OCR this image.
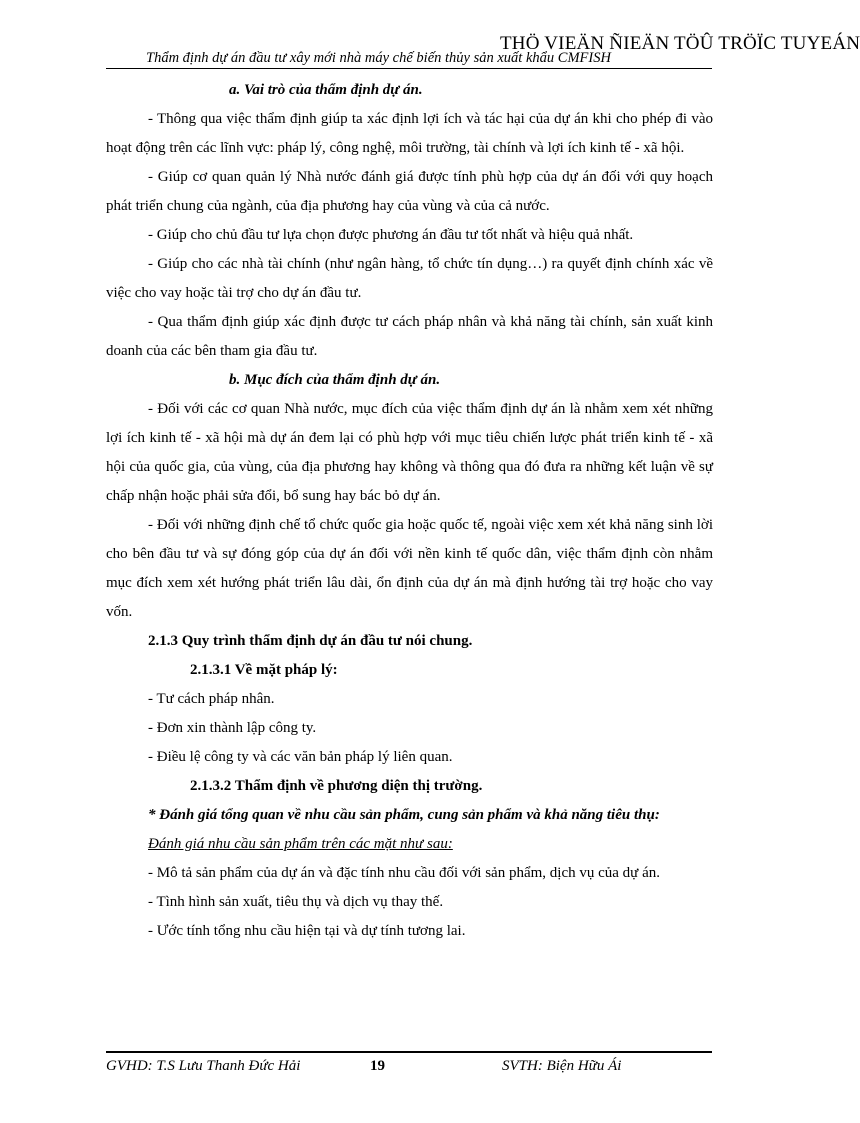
THÖ VIEÄN ÑIEÄN TÖÛ TRÖÏC TUYEÁN
Thẩm định dự án đầu tư xây mới nhà máy chế biến thủy sản xuất khẩu CMFISH

a. Vai trò của thẩm định dự án.

- Thông qua việc thẩm định giúp ta xác định lợi ích và tác hại của dự án khi cho phép đi vào hoạt động trên các lĩnh vực: pháp lý, công nghệ, môi trường, tài chính và lợi ích kinh tế - xã hội.

- Giúp cơ quan quản lý Nhà nước đánh giá được tính phù hợp của dự án đối với quy hoạch phát triển chung của ngành, của địa phương hay của vùng và của cả nước.

- Giúp cho chủ đầu tư lựa chọn được phương án đầu tư tốt nhất và hiệu quả nhất.

- Giúp cho các nhà tài chính (như ngân hàng, tổ chức tín dụng…) ra quyết định chính xác về việc cho vay hoặc tài trợ cho dự án đầu tư.

- Qua thẩm định giúp xác định được tư cách pháp nhân và khả năng tài chính, sản xuất kinh doanh của các bên tham gia đầu tư.

b. Mục đích của thẩm định dự án.

- Đối với các cơ quan Nhà nước, mục đích của việc thẩm định dự án là nhằm xem xét những lợi ích kinh tế - xã hội mà dự án đem lại có phù hợp với mục tiêu chiến lược phát triển kinh tế - xã hội của quốc gia, của vùng, của địa phương hay không và thông qua đó đưa ra những kết luận về sự chấp nhận hoặc phải sửa đổi, bổ sung hay bác bỏ dự án.

- Đối với những định chế tổ chức quốc gia hoặc quốc tế, ngoài việc xem xét khả năng sinh lời cho bên đầu tư và sự đóng góp của dự án đối với nền kinh tế quốc dân, việc thẩm định còn nhằm mục đích xem xét hướng phát triển lâu dài, ổn định của dự án mà định hướng tài trợ hoặc cho vay vốn.

2.1.3 Quy trình thẩm định dự án đầu tư nói chung.

2.1.3.1 Về mặt pháp lý:

- Tư cách pháp nhân.

- Đơn xin thành lập công ty.

- Điều lệ công ty và các văn bản pháp lý liên quan.

2.1.3.2 Thẩm định về phương diện thị trường.

* Đánh giá tổng quan về nhu cầu sản phẩm, cung sản phẩm và khả năng tiêu thụ:

Đánh giá nhu cầu sản phẩm trên các mặt như sau:

- Mô tả sản phẩm của dự án và đặc tính nhu cầu đối với sản phẩm, dịch vụ của dự án.

- Tình hình sản xuất, tiêu thụ và dịch vụ thay thế.

- Ước tính tổng nhu cầu hiện tại và dự tính tương lai.

GVHD: T.S Lưu Thanh Đức Hải	19	SVTH: Biện Hữu Ái
